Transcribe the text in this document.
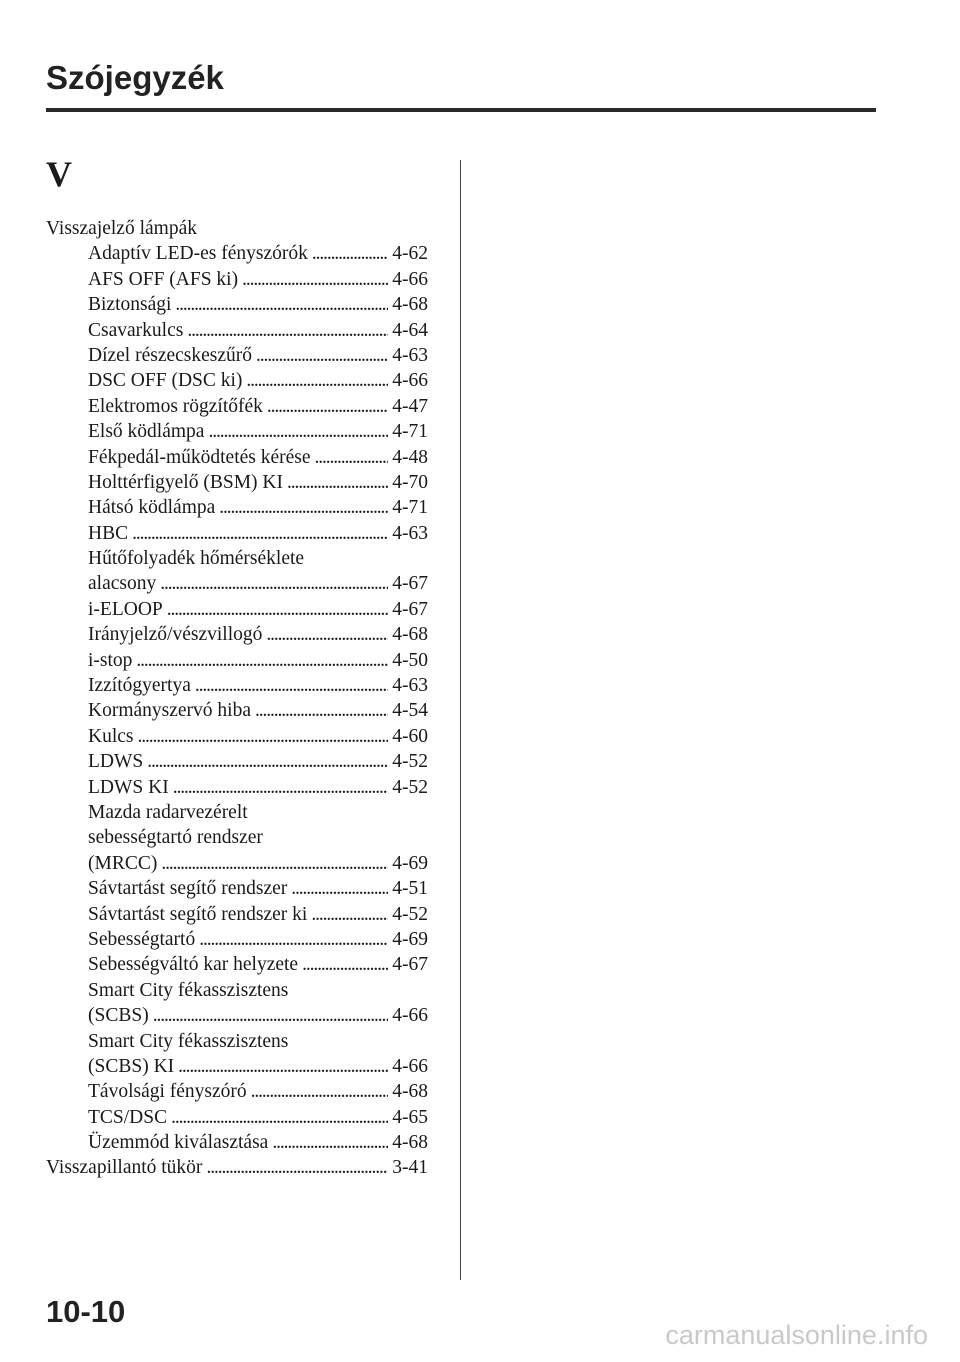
Szójegyzék
V
Visszajelző lámpák
Adaptív LED-es fényszórók . . .	4-62
AFS OFF (AFS ki) . . .	4-66
Biztonsági . . .	4-68
Csavarkulcs . . .	4-64
Dízel részecskeszűrő . . .	4-63
DSC OFF (DSC ki) . . .	4-66
Elektromos rögzítőfék . . .	4-47
Első ködlámpa . . .	4-71
Fékpedál-működtetés kérése . . .	4-48
Holttérfigyelő (BSM) KI . . .	4-70
Hátsó ködlámpa . . .	4-71
HBC . . .	4-63
Hűtőfolyadék hőmérséklete
alacsony . . .	4-67
i-ELOOP . . .	4-67
Irányjelző/vészvillogó . . .	4-68
i-stop . . .	4-50
Izzítógyertya . . .	4-63
Kormányszervó hiba . . .	4-54
Kulcs . . .	4-60
LDWS . . .	4-52
LDWS KI . . .	4-52
Mazda radarvezérelt
sebességtartó rendszer
(MRCC) . . .	4-69
Sávtartást segítő rendszer . . .	4-51
Sávtartást segítő rendszer ki . . .	4-52
Sebességtartó . . .	4-69
Sebességváltó kar helyzete . . .	4-67
Smart City fékasszisztens
(SCBS) . . .	4-66
Smart City fékasszisztens
(SCBS) KI . . .	4-66
Távolsági fényszóró . . .	4-68
TCS/DSC . . .	4-65
Üzemmód kiválasztása . . .	4-68
Visszapillantó tükör . . .	3-41
10-10
carmanualsonline.info
